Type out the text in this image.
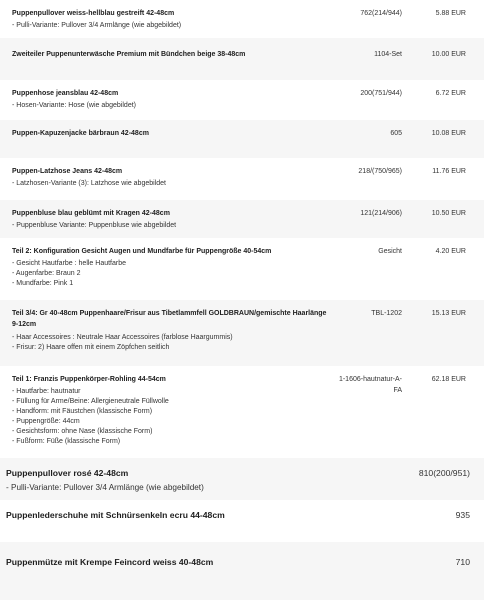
Puppenpullover weiss-hellblau gestreift 42-48cm
- Pulli-Variante: Pullover 3/4 Armlänge (wie abgebildet)
762(214/944)	5.88 EUR
Zweiteiler Puppenunterwäsche Premium mit Bündchen beige 38-48cm	1104-Set	10.00 EUR
Puppenhose jeansblau 42-48cm
- Hosen-Variante: Hose (wie abgebildet)
200(751/944)	6.72 EUR
Puppen-Kapuzenjacke bärbraun 42-48cm	605	10.08 EUR
Puppen-Latzhose Jeans 42-48cm
- Latzhosen-Variante (3): Latzhose wie abgebildet
218/(750/965)	11.76 EUR
Puppenbluse blau geblümt mit Kragen 42-48cm
- Puppenbluse Variante: Puppenbluse wie abgebildet
121(214/906)	10.50 EUR
Teil 2: Konfiguration Gesicht Augen und Mundfarbe für Puppengröße 40-54cm
- Gesicht Hautfarbe : helle Hautfarbe
- Augenfarbe: Braun 2
- Mundfarbe: Pink 1
Gesicht	4.20 EUR
Teil 3/4: Gr 40-48cm Puppenhaare/Frisur aus Tibetlammfell GOLDBRAUN/gemischte Haarlänge 9-12cm
- Haar Accessoires : Neutrale Haar Accessoires (farblose Haargummis)
- Frisur: 2) Haare offen mit einem Zöpfchen seitlich
TBL-1202	15.13 EUR
Teil 1: Franzis Puppenkörper-Rohling 44-54cm
- Hautfarbe: hautnatur
- Füllung für Arme/Beine: Allergieneutrale Füllwolle
- Handform: mit Fäustchen (klassische Form)
- Puppengröße: 44cm
- Gesichtsform: ohne Nase (klassische Form)
- Fußform: Füße (klassische Form)
1-1606-hautnatur-A-FA
62.18 EUR
Puppenpullover rosé 42-48cm
- Pulli-Variante: Pullover 3/4 Armlänge (wie abgebildet)
810(200/951)
Puppenlederschuhe mit Schnürsenkeln ecru 44-48cm	935
Puppenmütze mit Krempe Feincord weiss 40-48cm	710
